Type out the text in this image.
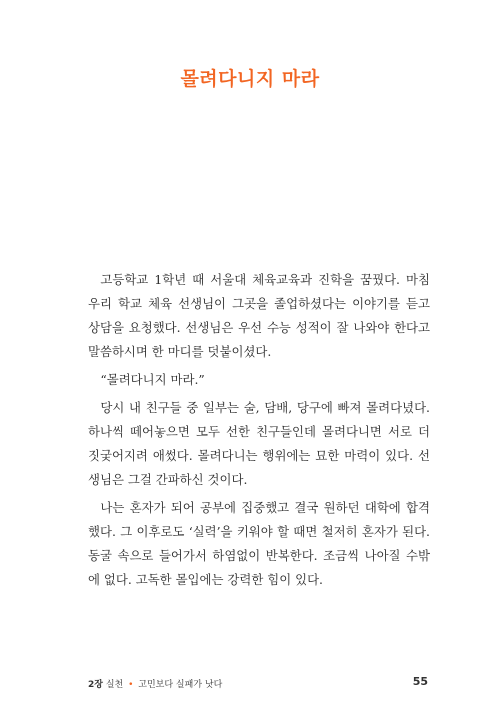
몰려다니지 마라

고등학교 1학년 때 서울대 체육교육과 진학을 꿈꿨다. 마침 우리 학교 체육 선생님이 그곳을 졸업하셨다는 이야기를 듣고 상담을 요청했다. 선생님은 우선 수능 성적이 잘 나와야 한다고 말씀하시며 한 마디를 덧붙이셨다.

“몰려다니지 마라.”

당시 내 친구들 중 일부는 술, 담배, 당구에 빠져 몰려다녔다. 하나씩 떼어놓으면 모두 선한 친구들인데 몰려다니면 서로 더 짓궂어지려 애썼다. 몰려다니는 행위에는 묘한 마력이 있다. 선생님은 그걸 간파하신 것이다.

나는 혼자가 되어 공부에 집중했고 결국 원하던 대학에 합격했다. 그 이후로도 ‘실력’을 키워야 할 때면 철저히 혼자가 된다. 동굴 속으로 들어가서 하염없이 반복한다. 조금씩 나아질 수밖에 없다. 고독한 몰입에는 강력한 힘이 있다.

2장 실천 • 고민보다 실패가 낫다	55
